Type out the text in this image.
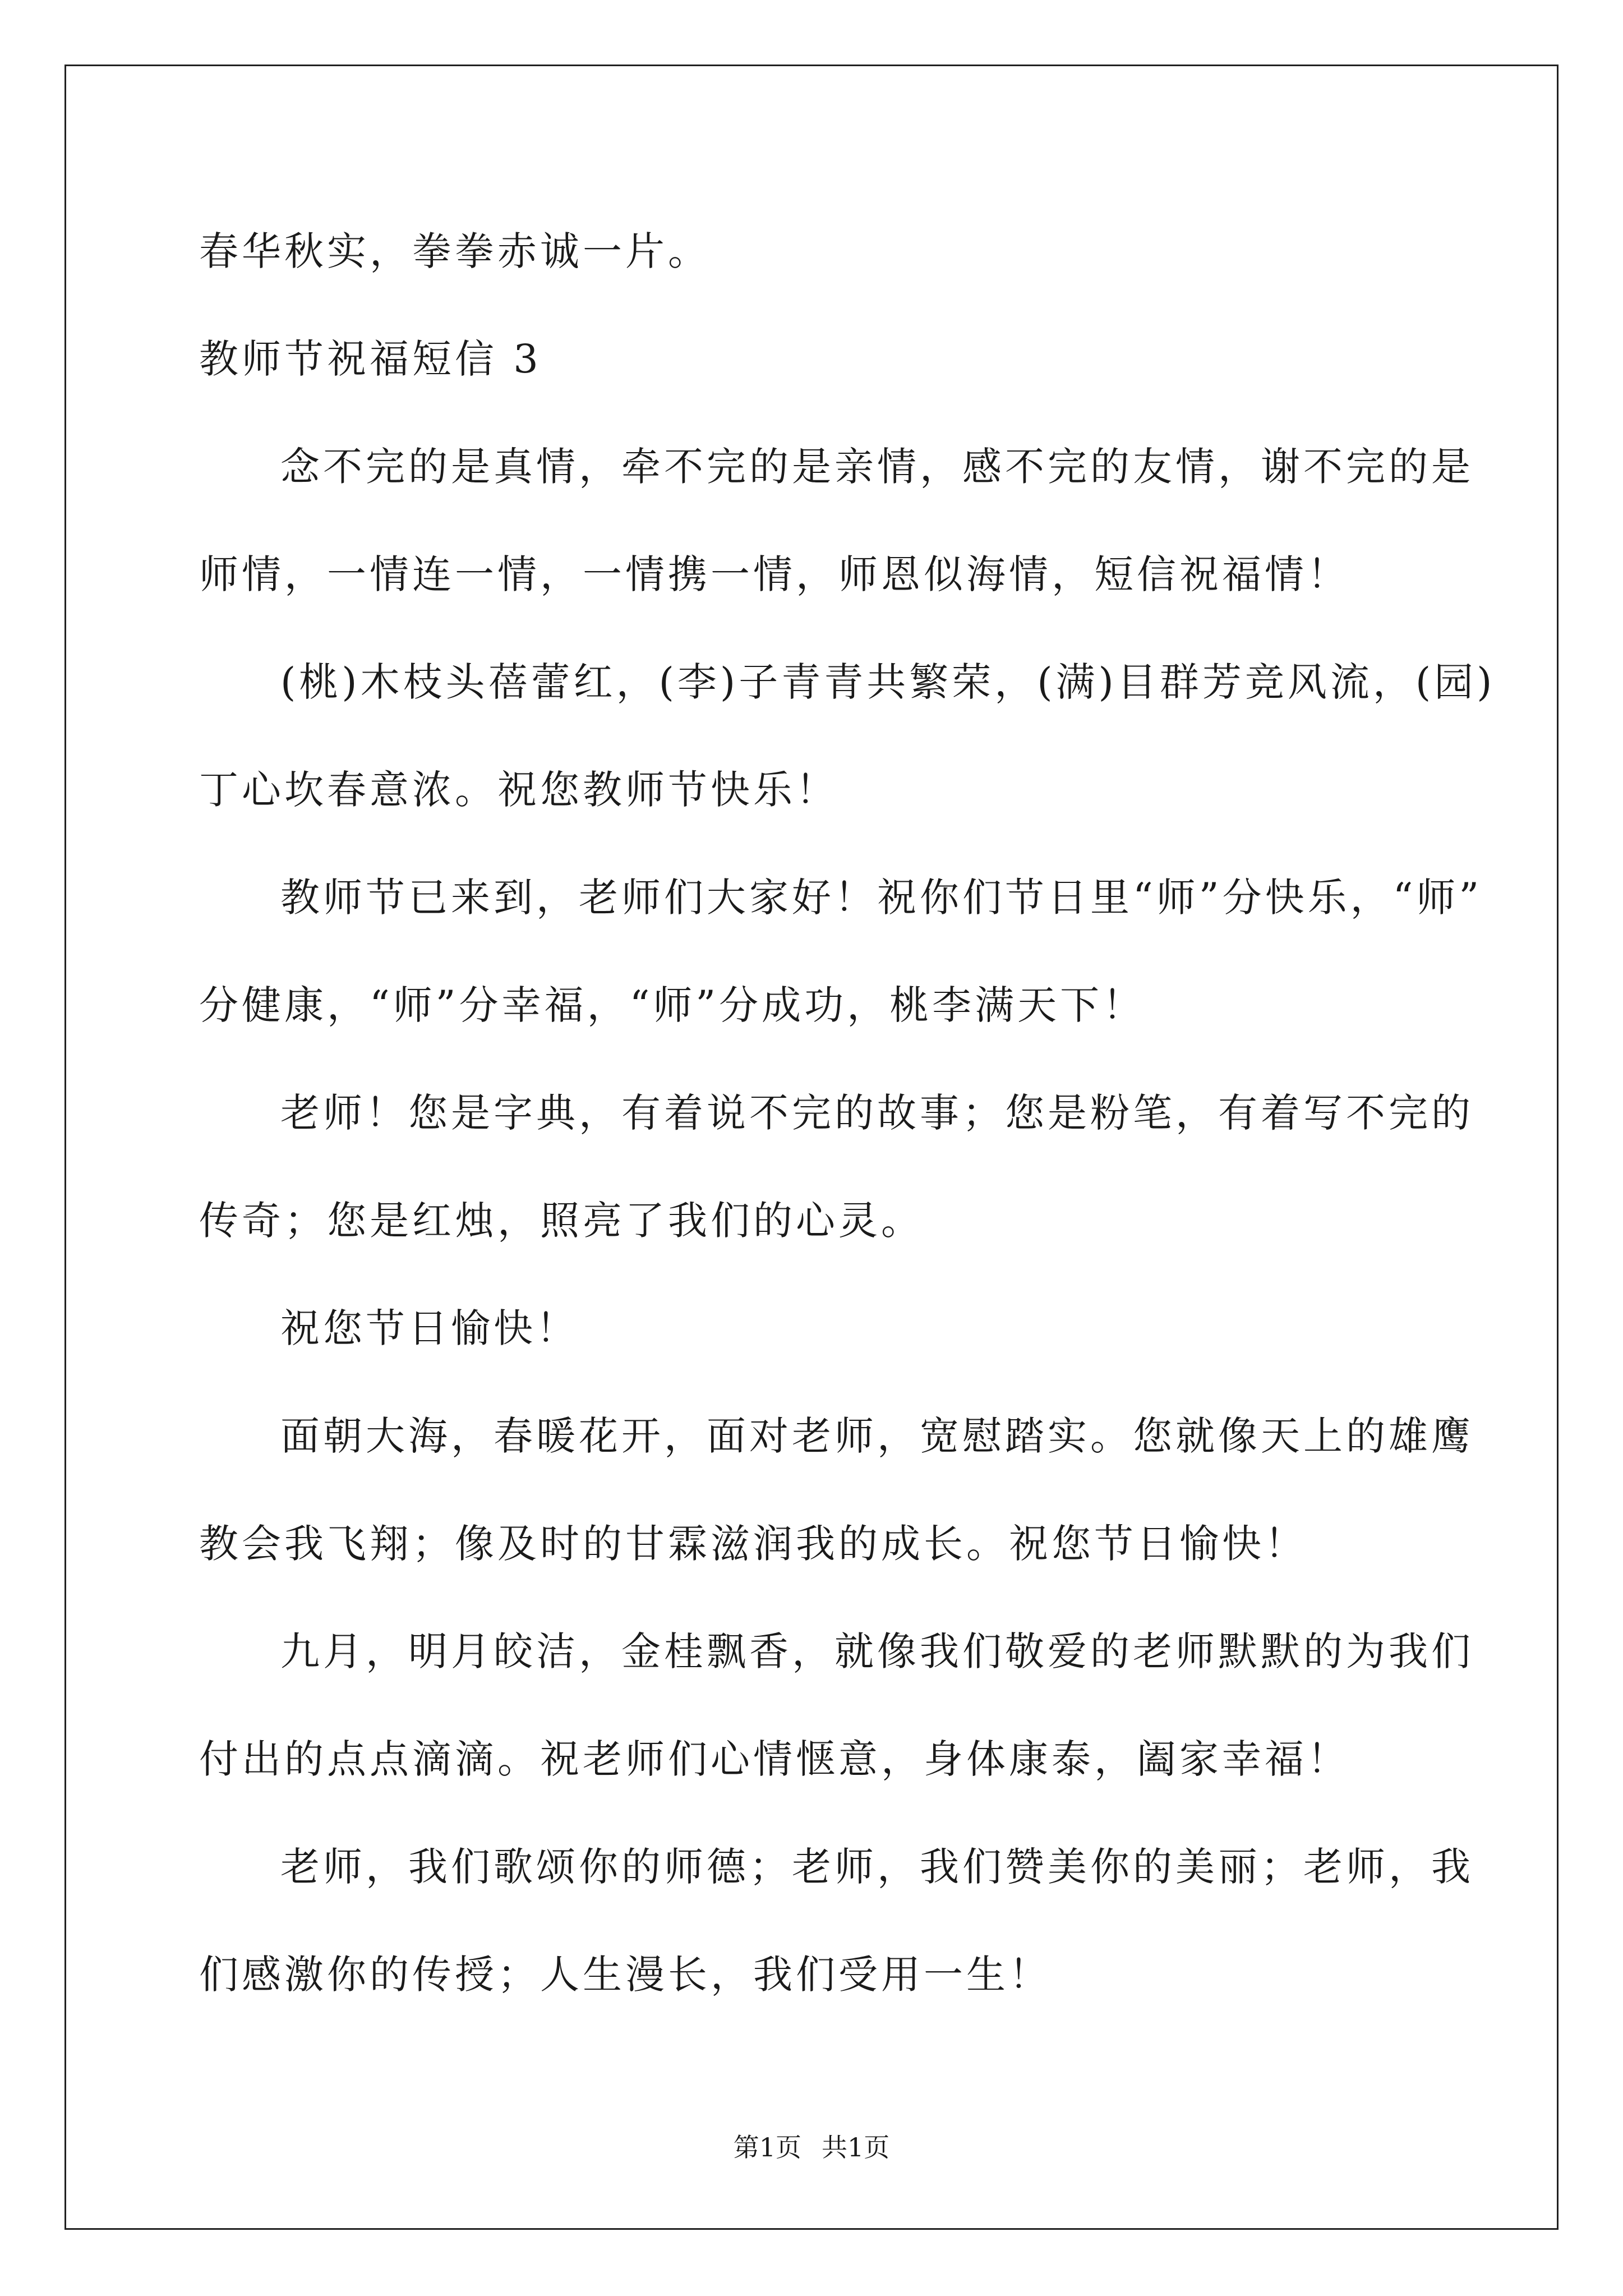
春华秋实，拳拳赤诚一片。

教师节祝福短信 3

念不完的是真情，牵不完的是亲情，感不完的友情，谢不完的是

师情，一情连一情，一情携一情，师恩似海情，短信祝福情！

(桃)木枝头蓓蕾红，(李)子青青共繁荣，(满)目群芳竞风流，(园)

丁心坎春意浓。祝您教师节快乐！

教师节已来到，老师们大家好！祝你们节日里“师”分快乐，“师”

分健康，“师”分幸福，“师”分成功，桃李满天下！

老师！您是字典，有着说不完的故事；您是粉笔，有着写不完的

传奇；您是红烛，照亮了我们的心灵。

祝您节日愉快！

面朝大海，春暖花开，面对老师，宽慰踏实。您就像天上的雄鹰

教会我飞翔；像及时的甘霖滋润我的成长。祝您节日愉快！

九月，明月皎洁，金桂飘香，就像我们敬爱的老师默默的为我们

付出的点点滴滴。祝老师们心情惬意，身体康泰，阖家幸福！

老师，我们歌颂你的师德；老师，我们赞美你的美丽；老师，我

们感激你的传授；人生漫长，我们受用一生！

第1页 共1页
